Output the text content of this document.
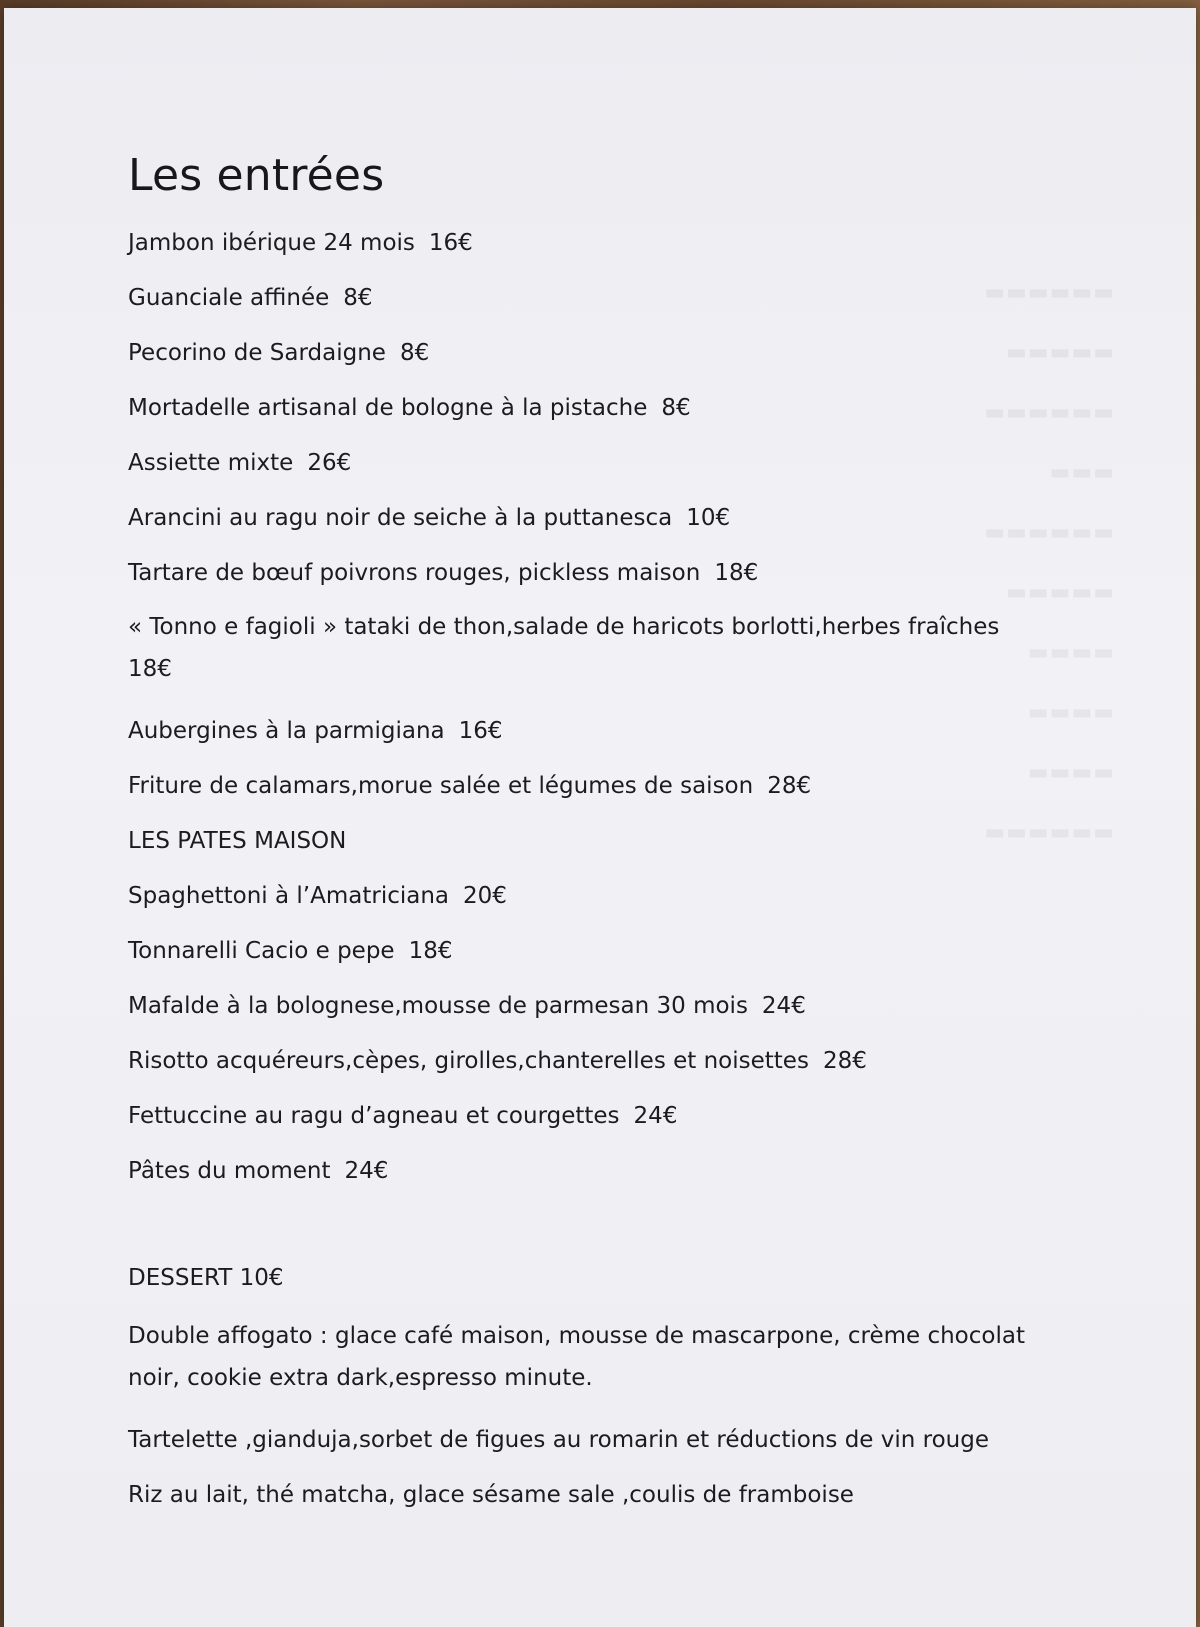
▬▬▬▬▬▬
▬▬▬▬▬
▬▬▬▬▬▬
▬▬▬
▬▬▬▬▬▬
▬▬▬▬▬
▬▬▬▬
▬▬▬▬
▬▬▬▬
▬▬▬▬▬▬
Les entrées
Jambon ibérique 24 mois 16€
Guanciale affinée 8€
Pecorino de Sardaigne 8€
Mortadelle artisanal de bologne à la pistache 8€
Assiette mixte 26€
Arancini au ragu noir de seiche à la puttanesca 10€
Tartare de bœuf poivrons rouges, pickless maison 18€
« Tonno e fagioli » tataki de thon,salade de haricots borlotti,herbes fraîches
18€
Aubergines à la parmigiana 16€
Friture de calamars,morue salée et légumes de saison 28€
LES PATES MAISON
Spaghettoni à l’Amatriciana 20€
Tonnarelli Cacio e pepe 18€
Mafalde à la bolognese,mousse de parmesan 30 mois 24€
Risotto acquéreurs,cèpes, girolles,chanterelles et noisettes 28€
Fettuccine au ragu d’agneau et courgettes 24€
Pâtes du moment 24€
DESSERT 10€
Double affogato : glace café maison, mousse de mascarpone, crème chocolat noir, cookie extra dark,espresso minute.
Tartelette ,gianduja,sorbet de figues au romarin et réductions de vin rouge
Riz au lait, thé matcha, glace sésame sale ,coulis de framboise
